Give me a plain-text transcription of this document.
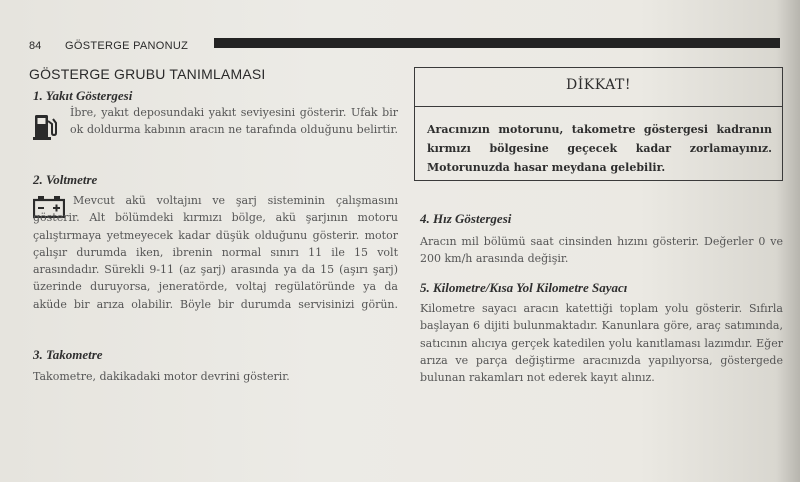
84 GÖSTERGE PANONUZ
GÖSTERGE GRUBU TANIMLAMASI
1. Yakıt Göstergesi
İbre, yakıt deposundaki yakıt seviyesini gösterir. Ufak bir ok doldurma kabının aracın ne tarafında olduğunu belirtir.
2. Voltmetre
Mevcut akü voltajını ve şarj sisteminin çalışmasını gösterir. Alt bölümdeki kırmızı bölge, akü şarjının motoru çalıştırmaya yetmeyecek kadar düşük olduğunu gösterir. motor çalışır durumda iken, ibrenin normal sınırı 11 ile 15 volt arasındadır. Sürekli 9-11 (az şarj) arasında ya da 15 (aşırı şarj) üzerinde duruyorsa, jeneratörde, voltaj regülatöründe ya da aküde bir arıza olabilir. Böyle bir durumda servisinizi görün.
3. Takometre
Takometre, dakikadaki motor devrini gösterir.
DİKKAT!
Aracınızın motorunu, takometre göstergesi kadranın kırmızı bölgesine geçecek kadar zorlamayınız. Motorunuzda hasar meydana gelebilir.
4. Hız Göstergesi
Aracın mil bölümü saat cinsinden hızını gösterir. Değerler 0 ve 200 km/h arasında değişir.
5. Kilometre/Kısa Yol Kilometre Sayacı
Kilometre sayacı aracın katettiği toplam yolu gösterir. Sıfırla başlayan 6 dijiti bulunmaktadır. Kanunlara göre, araç satımında, satıcının alıcıya gerçek katedilen yolu kanıtlaması lazımdır. Eğer arıza ve parça değiştirme aracınızda yapılıyorsa, göstergede bulunan rakamları not ederek kayıt alınız.
